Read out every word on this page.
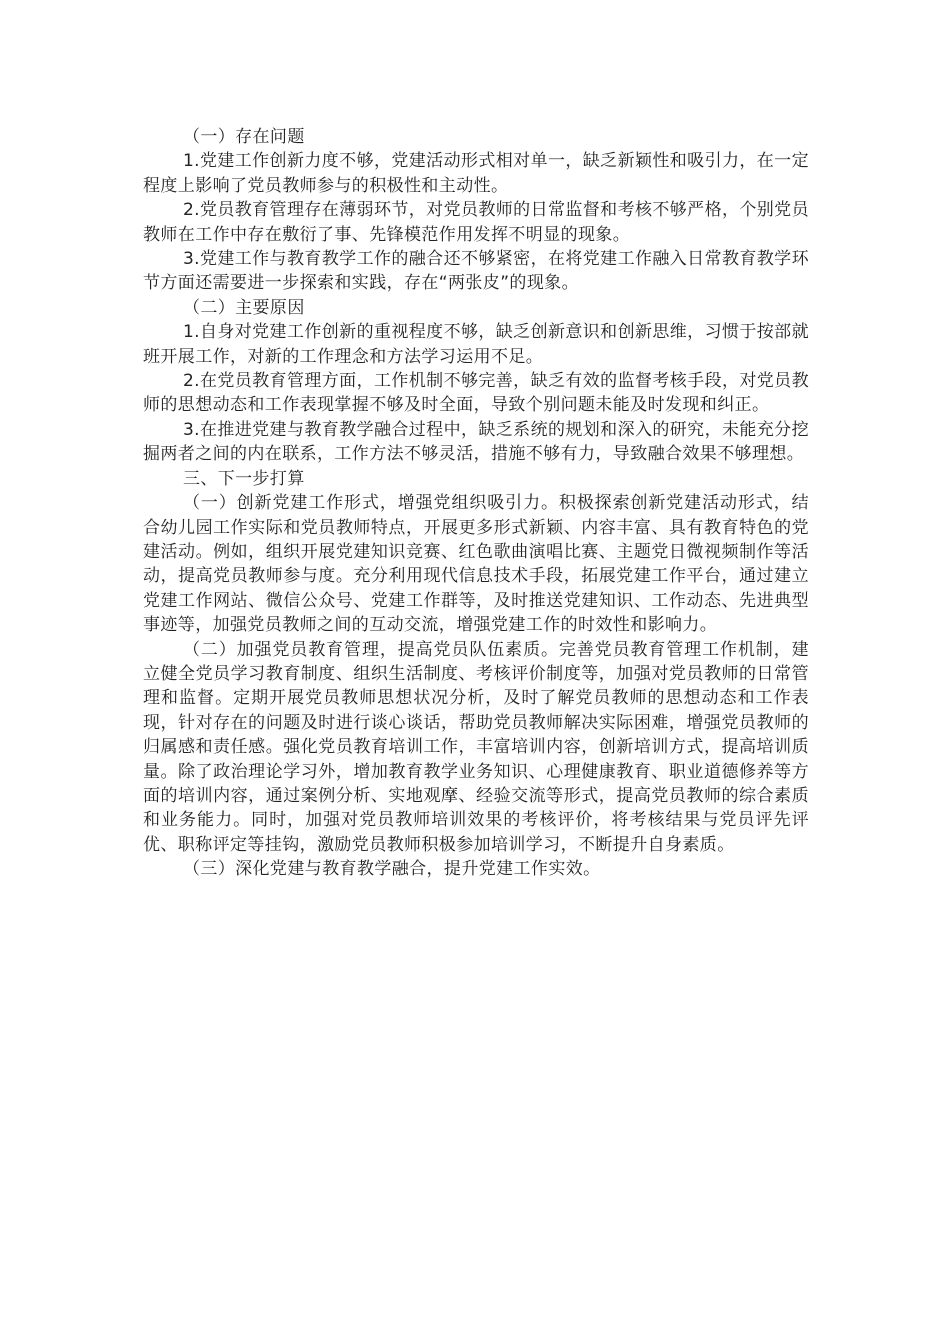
（一）存在问题

1.党建工作创新力度不够，党建活动形式相对单一，缺乏新颖性和吸引力，在一定程度上影响了党员教师参与的积极性和主动性。

2.党员教育管理存在薄弱环节，对党员教师的日常监督和考核不够严格，个别党员教师在工作中存在敷衍了事、先锋模范作用发挥不明显的现象。

3.党建工作与教育教学工作的融合还不够紧密，在将党建工作融入日常教育教学环节方面还需要进一步探索和实践，存在“两张皮”的现象。

（二）主要原因

1.自身对党建工作创新的重视程度不够，缺乏创新意识和创新思维，习惯于按部就班开展工作，对新的工作理念和方法学习运用不足。

2.在党员教育管理方面，工作机制不够完善，缺乏有效的监督考核手段，对党员教师的思想动态和工作表现掌握不够及时全面，导致个别问题未能及时发现和纠正。

3.在推进党建与教育教学融合过程中，缺乏系统的规划和深入的研究，未能充分挖掘两者之间的内在联系，工作方法不够灵活，措施不够有力，导致融合效果不够理想。

三、下一步打算

（一）创新党建工作形式，增强党组织吸引力。积极探索创新党建活动形式，结合幼儿园工作实际和党员教师特点，开展更多形式新颖、内容丰富、具有教育特色的党建活动。例如，组织开展党建知识竞赛、红色歌曲演唱比赛、主题党日微视频制作等活动，提高党员教师参与度。充分利用现代信息技术手段，拓展党建工作平台，通过建立党建工作网站、微信公众号、党建工作群等，及时推送党建知识、工作动态、先进典型事迹等，加强党员教师之间的互动交流，增强党建工作的时效性和影响力。

（二）加强党员教育管理，提高党员队伍素质。完善党员教育管理工作机制，建立健全党员学习教育制度、组织生活制度、考核评价制度等，加强对党员教师的日常管理和监督。定期开展党员教师思想状况分析，及时了解党员教师的思想动态和工作表现，针对存在的问题及时进行谈心谈话，帮助党员教师解决实际困难，增强党员教师的归属感和责任感。强化党员教育培训工作，丰富培训内容，创新培训方式，提高培训质量。除了政治理论学习外，增加教育教学业务知识、心理健康教育、职业道德修养等方面的培训内容，通过案例分析、实地观摩、经验交流等形式，提高党员教师的综合素质和业务能力。同时，加强对党员教师培训效果的考核评价，将考核结果与党员评先评优、职称评定等挂钩，激励党员教师积极参加培训学习，不断提升自身素质。

（三）深化党建与教育教学融合，提升党建工作实效。
